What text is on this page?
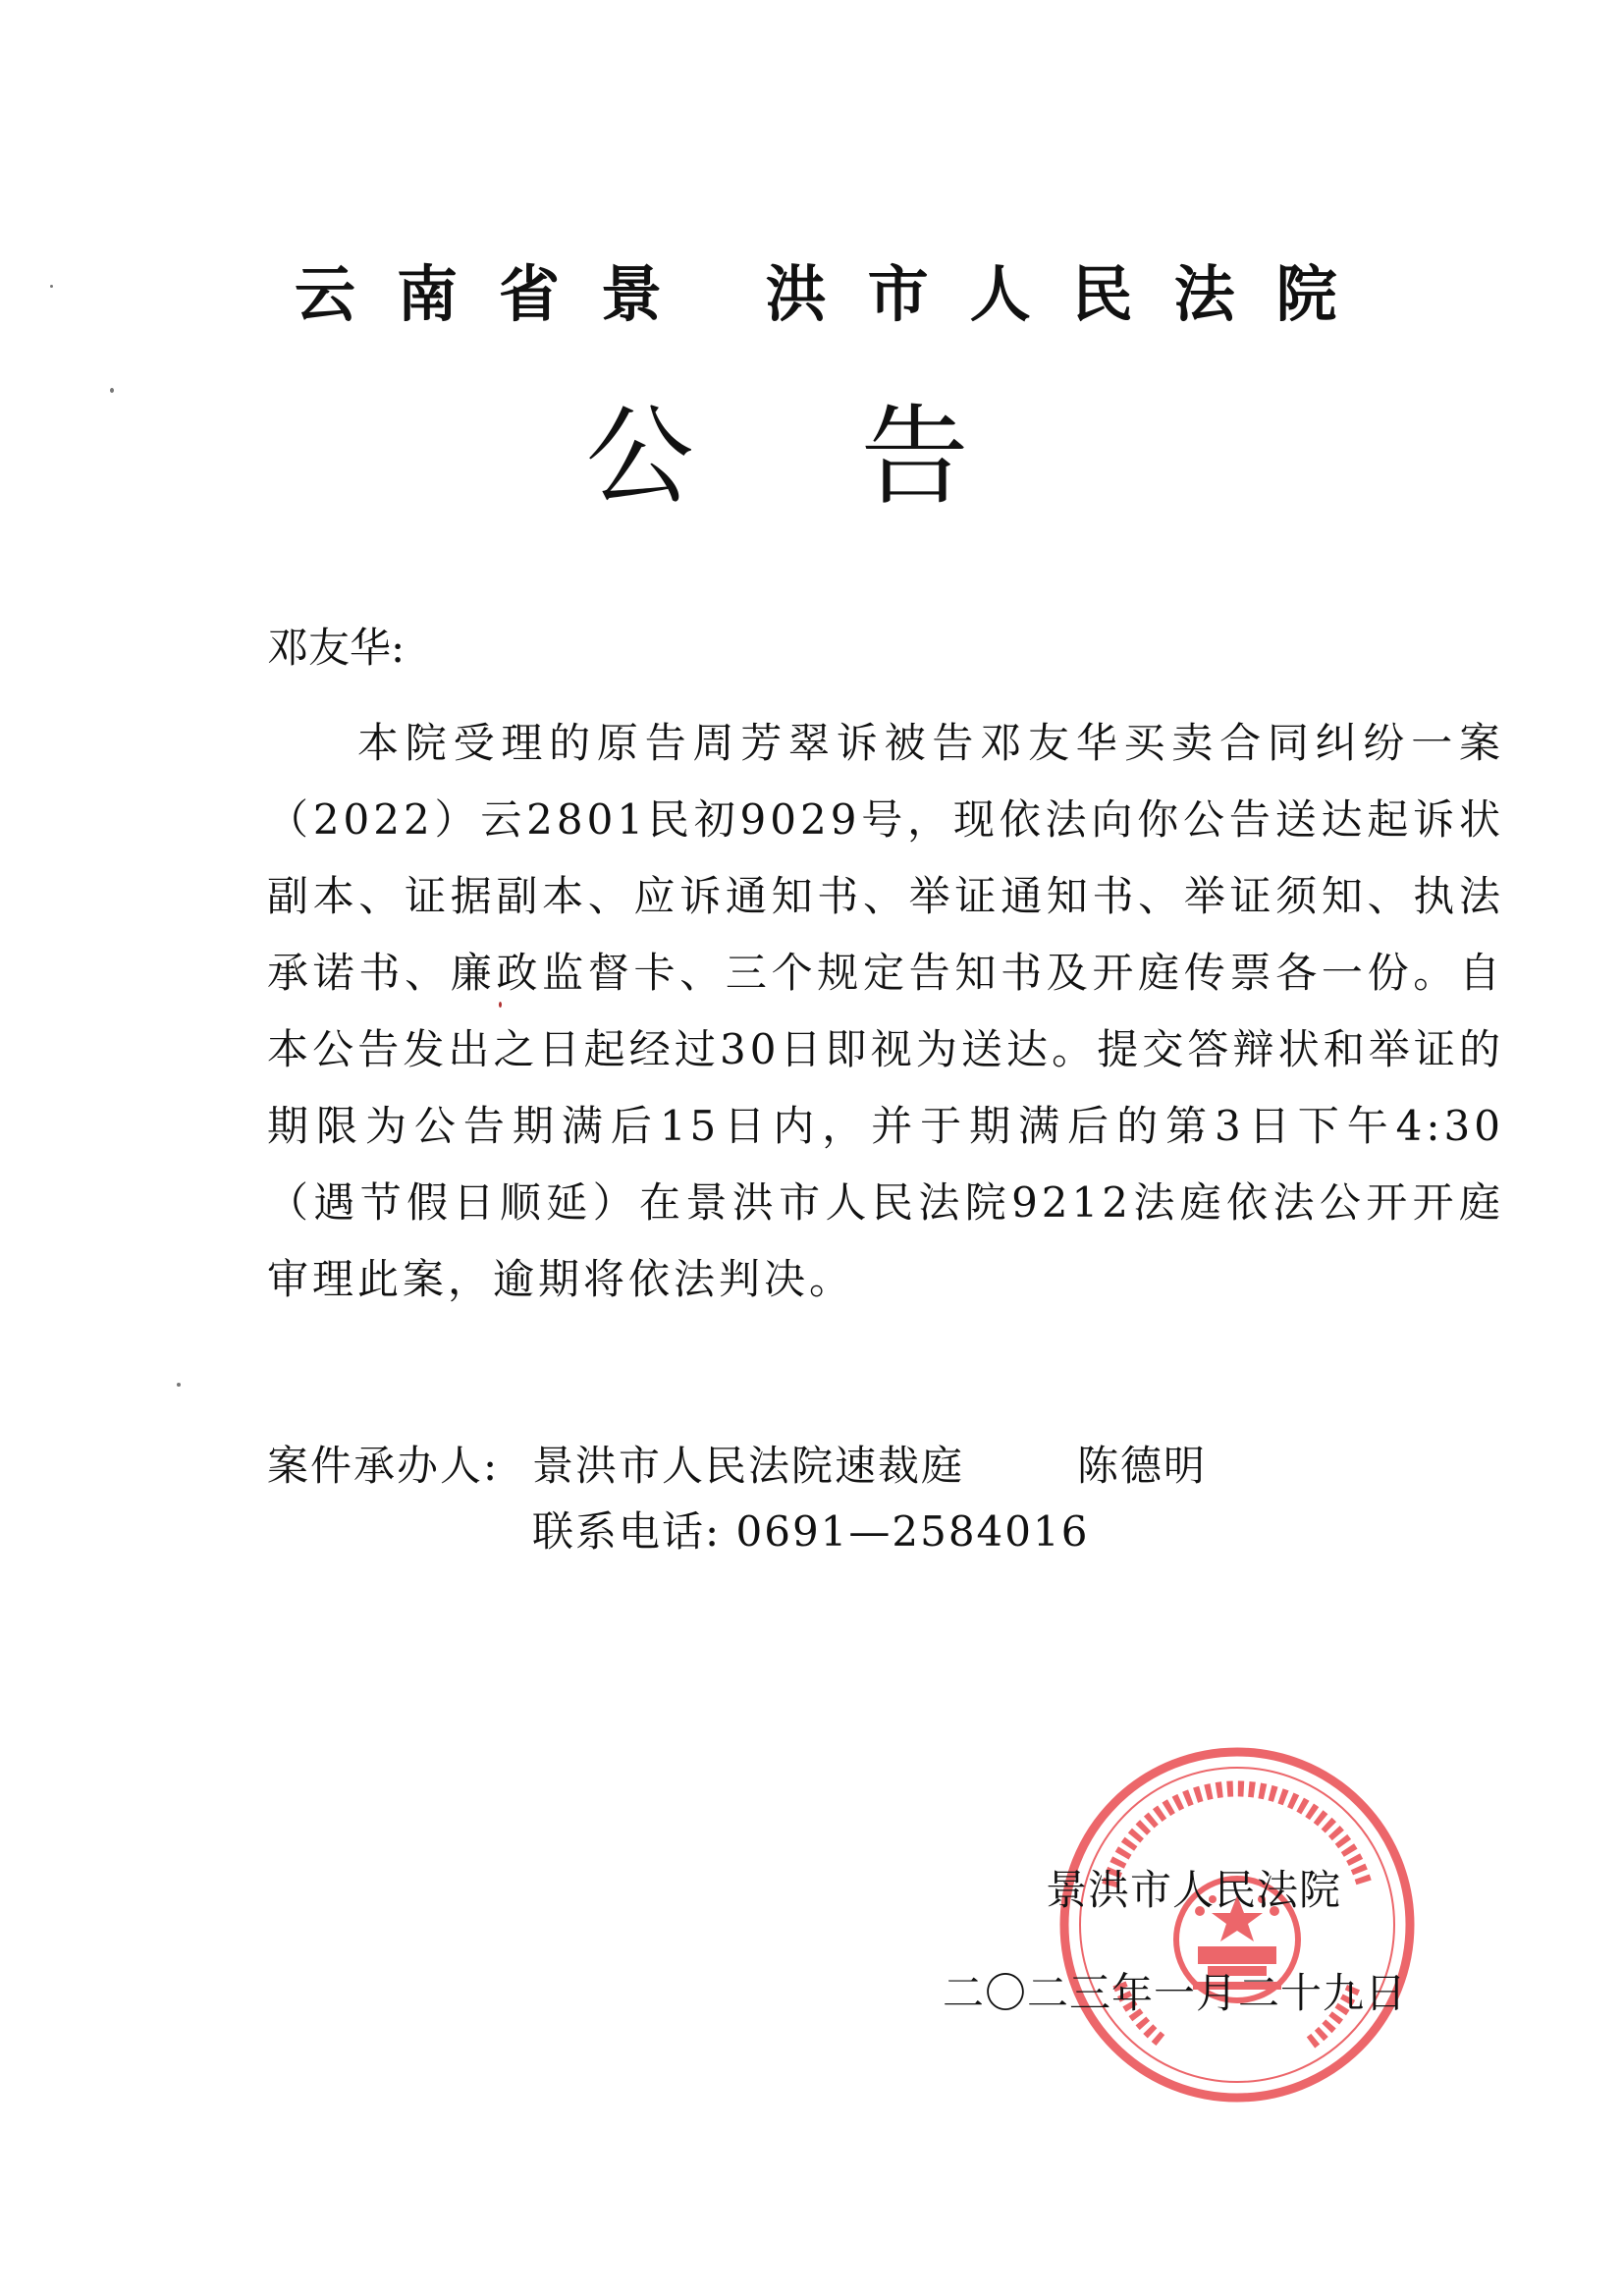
云南省景 洪市人民法院
公告
邓友华:

本院受理的原告周芳翠诉被告邓友华买卖合同纠纷一案（2022）云2801民初9029号，现依法向你公告送达起诉状副本、证据副本、应诉通知书、举证通知书、举证须知、执法承诺书、廉政监督卡、三个规定告知书及开庭传票各一份。自本公告发出之日起经过30日即视为送达。提交答辩状和举证的期限为公告期满后15日内，并于期满后的第3日下午4:30（遇节假日顺延）在景洪市人民法院9212法庭依法公开开庭审理此案，逾期将依法判决。

案件承办人: 景洪市人民法院速裁庭	陈德明
联系电话: 0691—2584016
景洪市人民法院
二〇二三年一月二十九日
